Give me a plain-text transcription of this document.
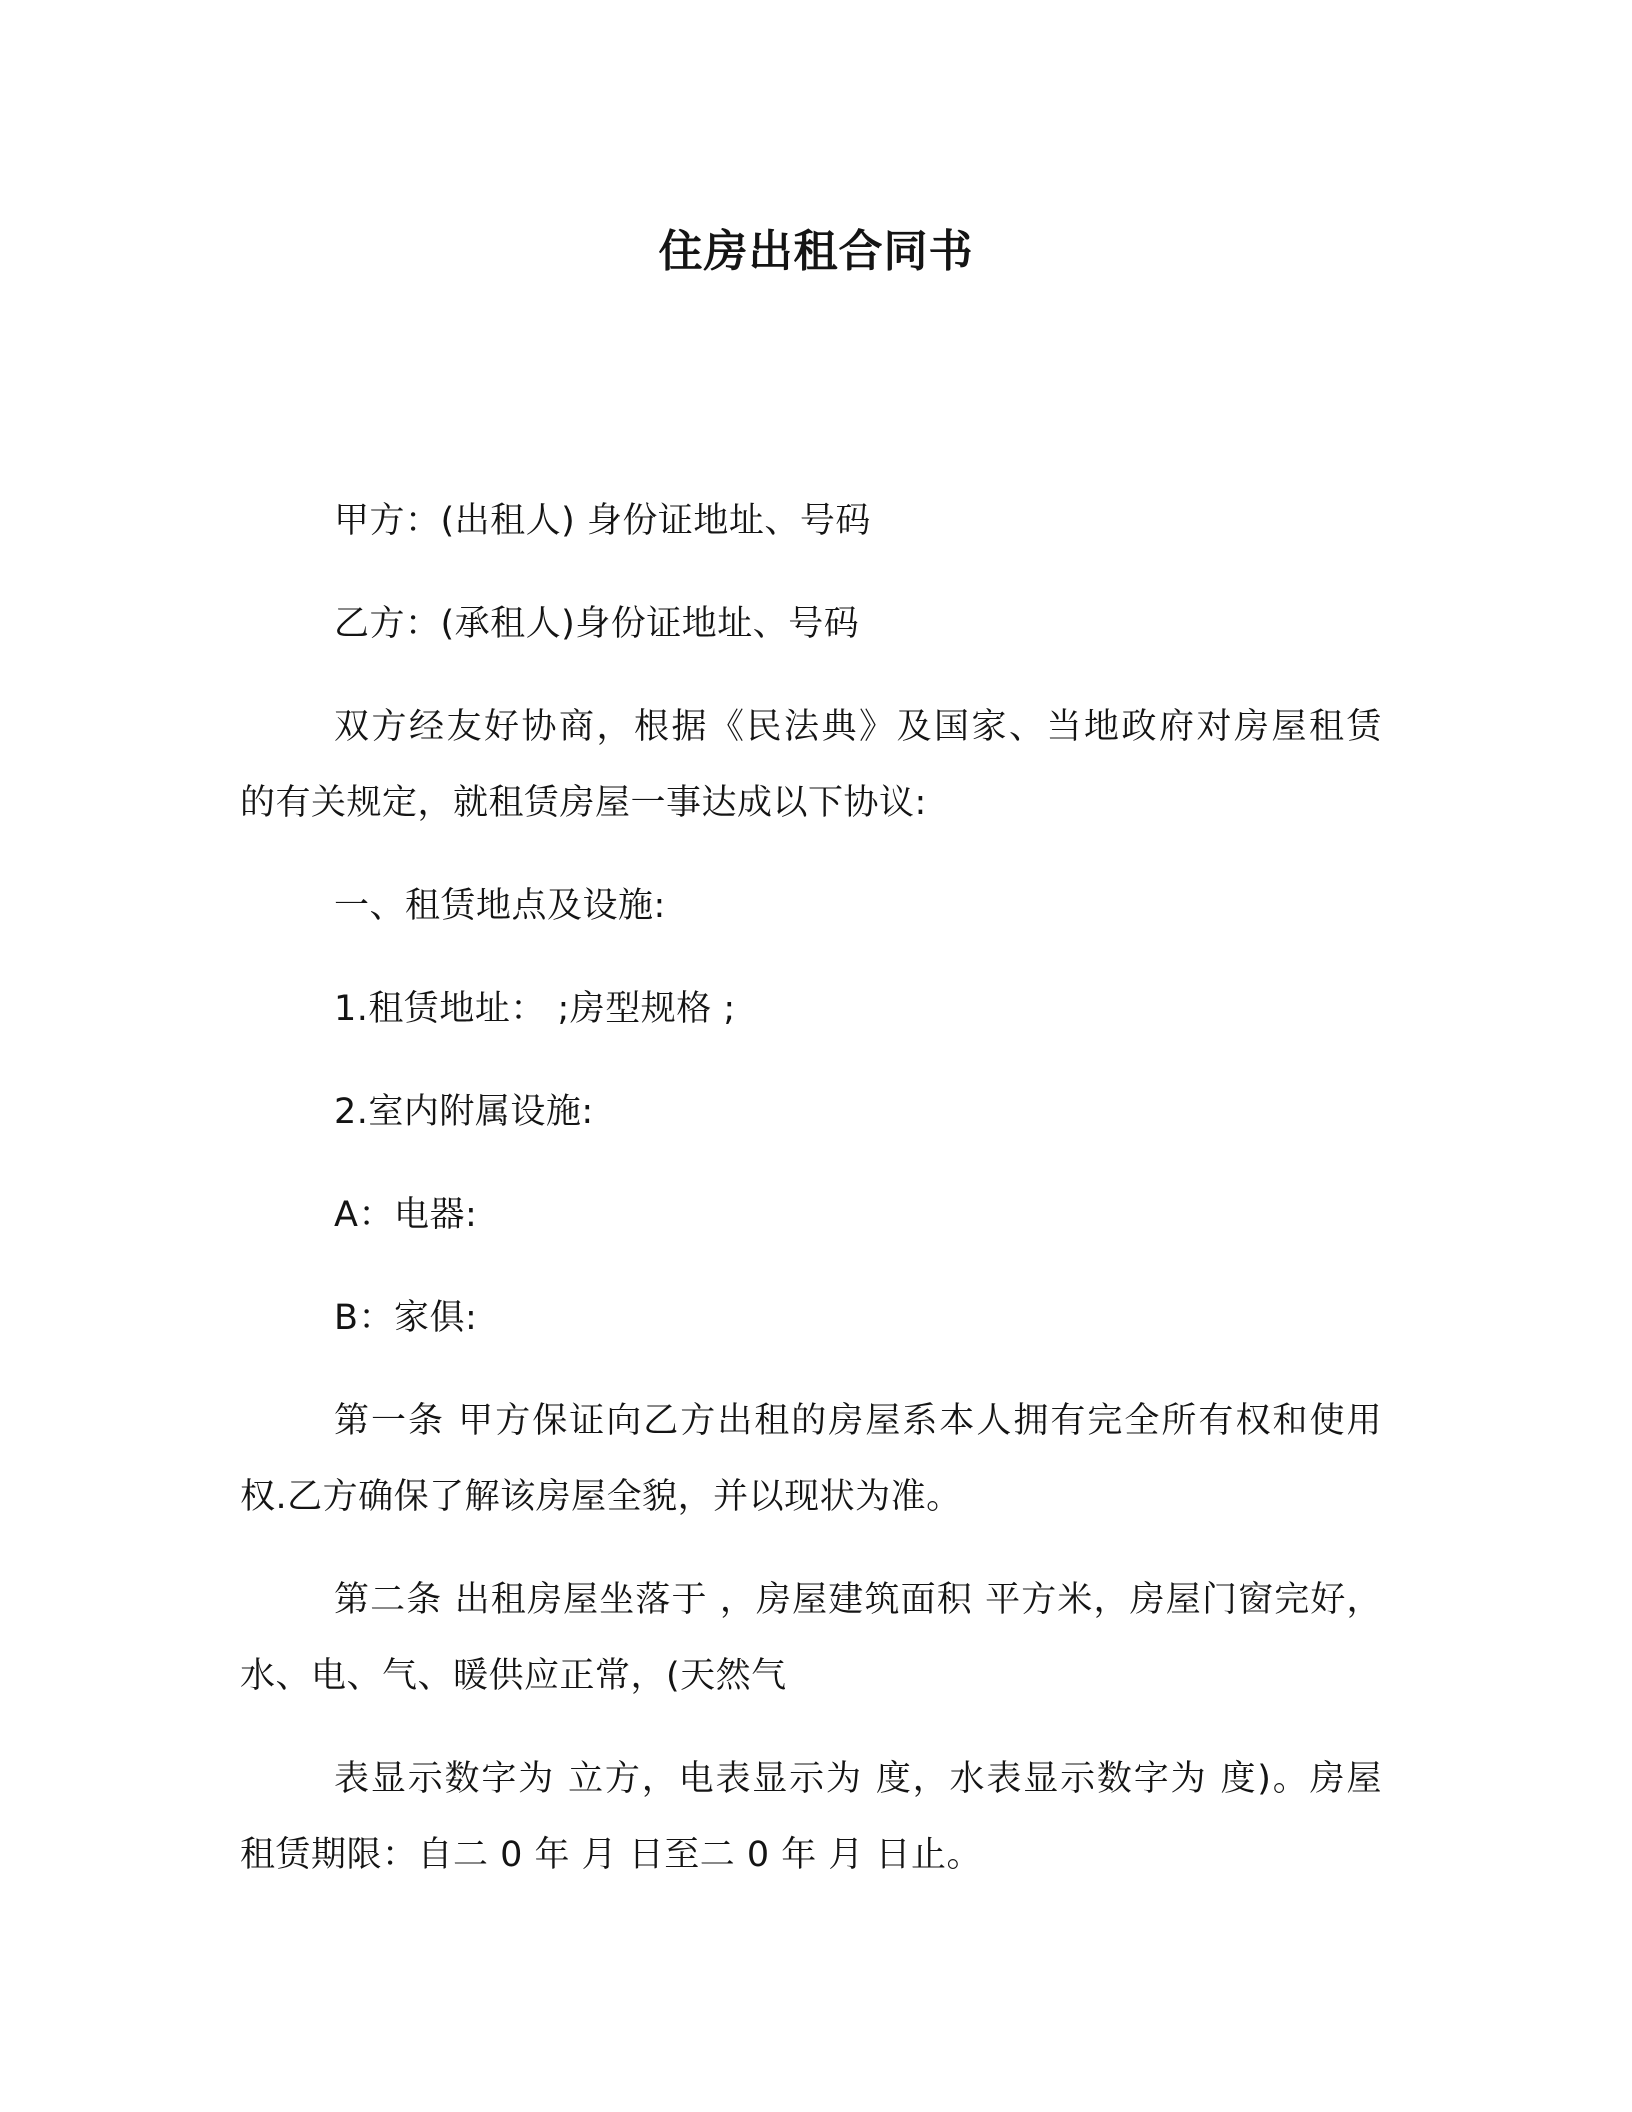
住房出租合同书
甲方：(出租人) 身份证地址、号码
乙方：(承租人)身份证地址、号码
双方经友好协商，根据《民法典》及国家、当地政府对房屋租赁
的有关规定，就租赁房屋一事达成以下协议:
一、租赁地点及设施:
1.租赁地址： ;房型规格 ;
2.室内附属设施:
A：电器:
B：家俱:
第一条 甲方保证向乙方出租的房屋系本人拥有完全所有权和使用
权.乙方确保了解该房屋全貌，并以现状为准。
第二条 出租房屋坐落于 ，房屋建筑面积 平方米，房屋门窗完好，
水、电、气、暖供应正常，(天然气
表显示数字为 立方，电表显示为 度，水表显示数字为 度)。房屋
租赁期限：自二 0 年 月 日至二 0 年 月 日止。
